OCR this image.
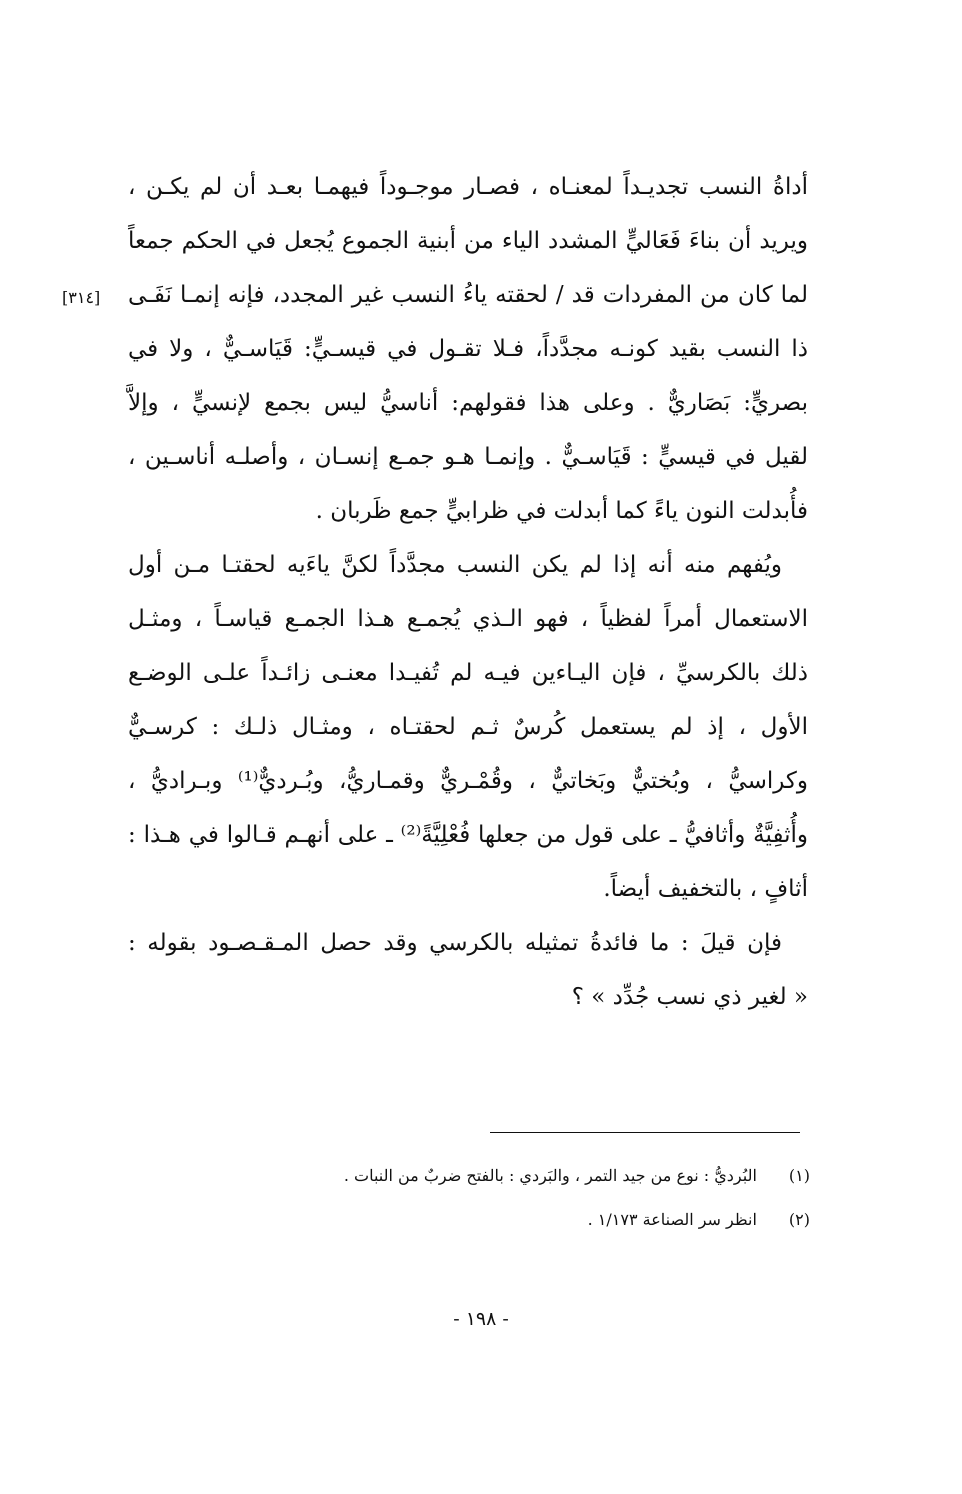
[٣١٤]
أداةُ النسب تجديـداً لمعنـاه ، فصـار موجـوداً فيهمـا بعـد أن لم يكـن ،
ويريد أن بناءَ فَعَاليٍّ المشدد الياء من أبنية الجموع يُجعل في الحكم جمعاً
لما كان من المفردات قد / لحقته ياءُ النسب غير المجدد، فإنه إنمـا نَفَـى
ذا النسب بقيد كونـه مجدَّداً، فـلا تقـول في قيسـيٍّ: قَيَاسـيٌّ ، ولا في
بصريٍّ: بَصَاريٌّ . وعلى هذا فقولهم: أناسيُّ ليس بجمع لإنسيٍّ ، وإلاَّ
لقيل في قيسيٍّ : قَيَاسـيٌّ . وإنمـا هـو جمـع إنسـان ، وأصلـه أناسـين ،
فأُبدلت النون ياءً كما أبدلت في ظرابيٍّ جمع ظَربان .
ويُفهم منه أنه إذا لم يكن النسب مجدَّداً لكنَّ ياءَيه لحقتـا مـن أول
الاستعمال أمراً لفظياً ، فهو الـذي يُجمـع هـذا الجمـع قياسـاً ، ومثـل
ذلك بالكرسيِّ ، فإن اليـاءين فيـه لم تُفيـدا معنـى زائـداً علـى الوضـع
الأول ، إذ لم يستعمل كُرسٌ ثـم لحقتـاه ، ومثـال ذلـك : كرسـيٌّ
وكراسيُّ ، وبُختيٌّ وبَخاتيٌّ ، وقُمْـريٌّ وقمـاريُّ، وبُـرديٌّ⁽¹⁾ وبـراديُّ ،
وأُثفِيَّةٌ وأثافيُّ ـ على قول من جعلها فُعْلِيَّةً⁽²⁾ ـ على أنهـم قـالوا في هـذا :
أثافٍ ، بالتخفيف أيضاً.
فإن قيلَ : ما فائدةُ تمثيله بالكرسي وقد حصل المـقـصـود بقوله :
« لغير ذي نسب جُدِّد » ؟
(١) البُرديُّ : نوع من جيد التمر ، والبَردي : بالفتح ضربٌ من النبات .
(٢) انظر سر الصناعة ١/١٧٣ .
- ١٩٨ -
